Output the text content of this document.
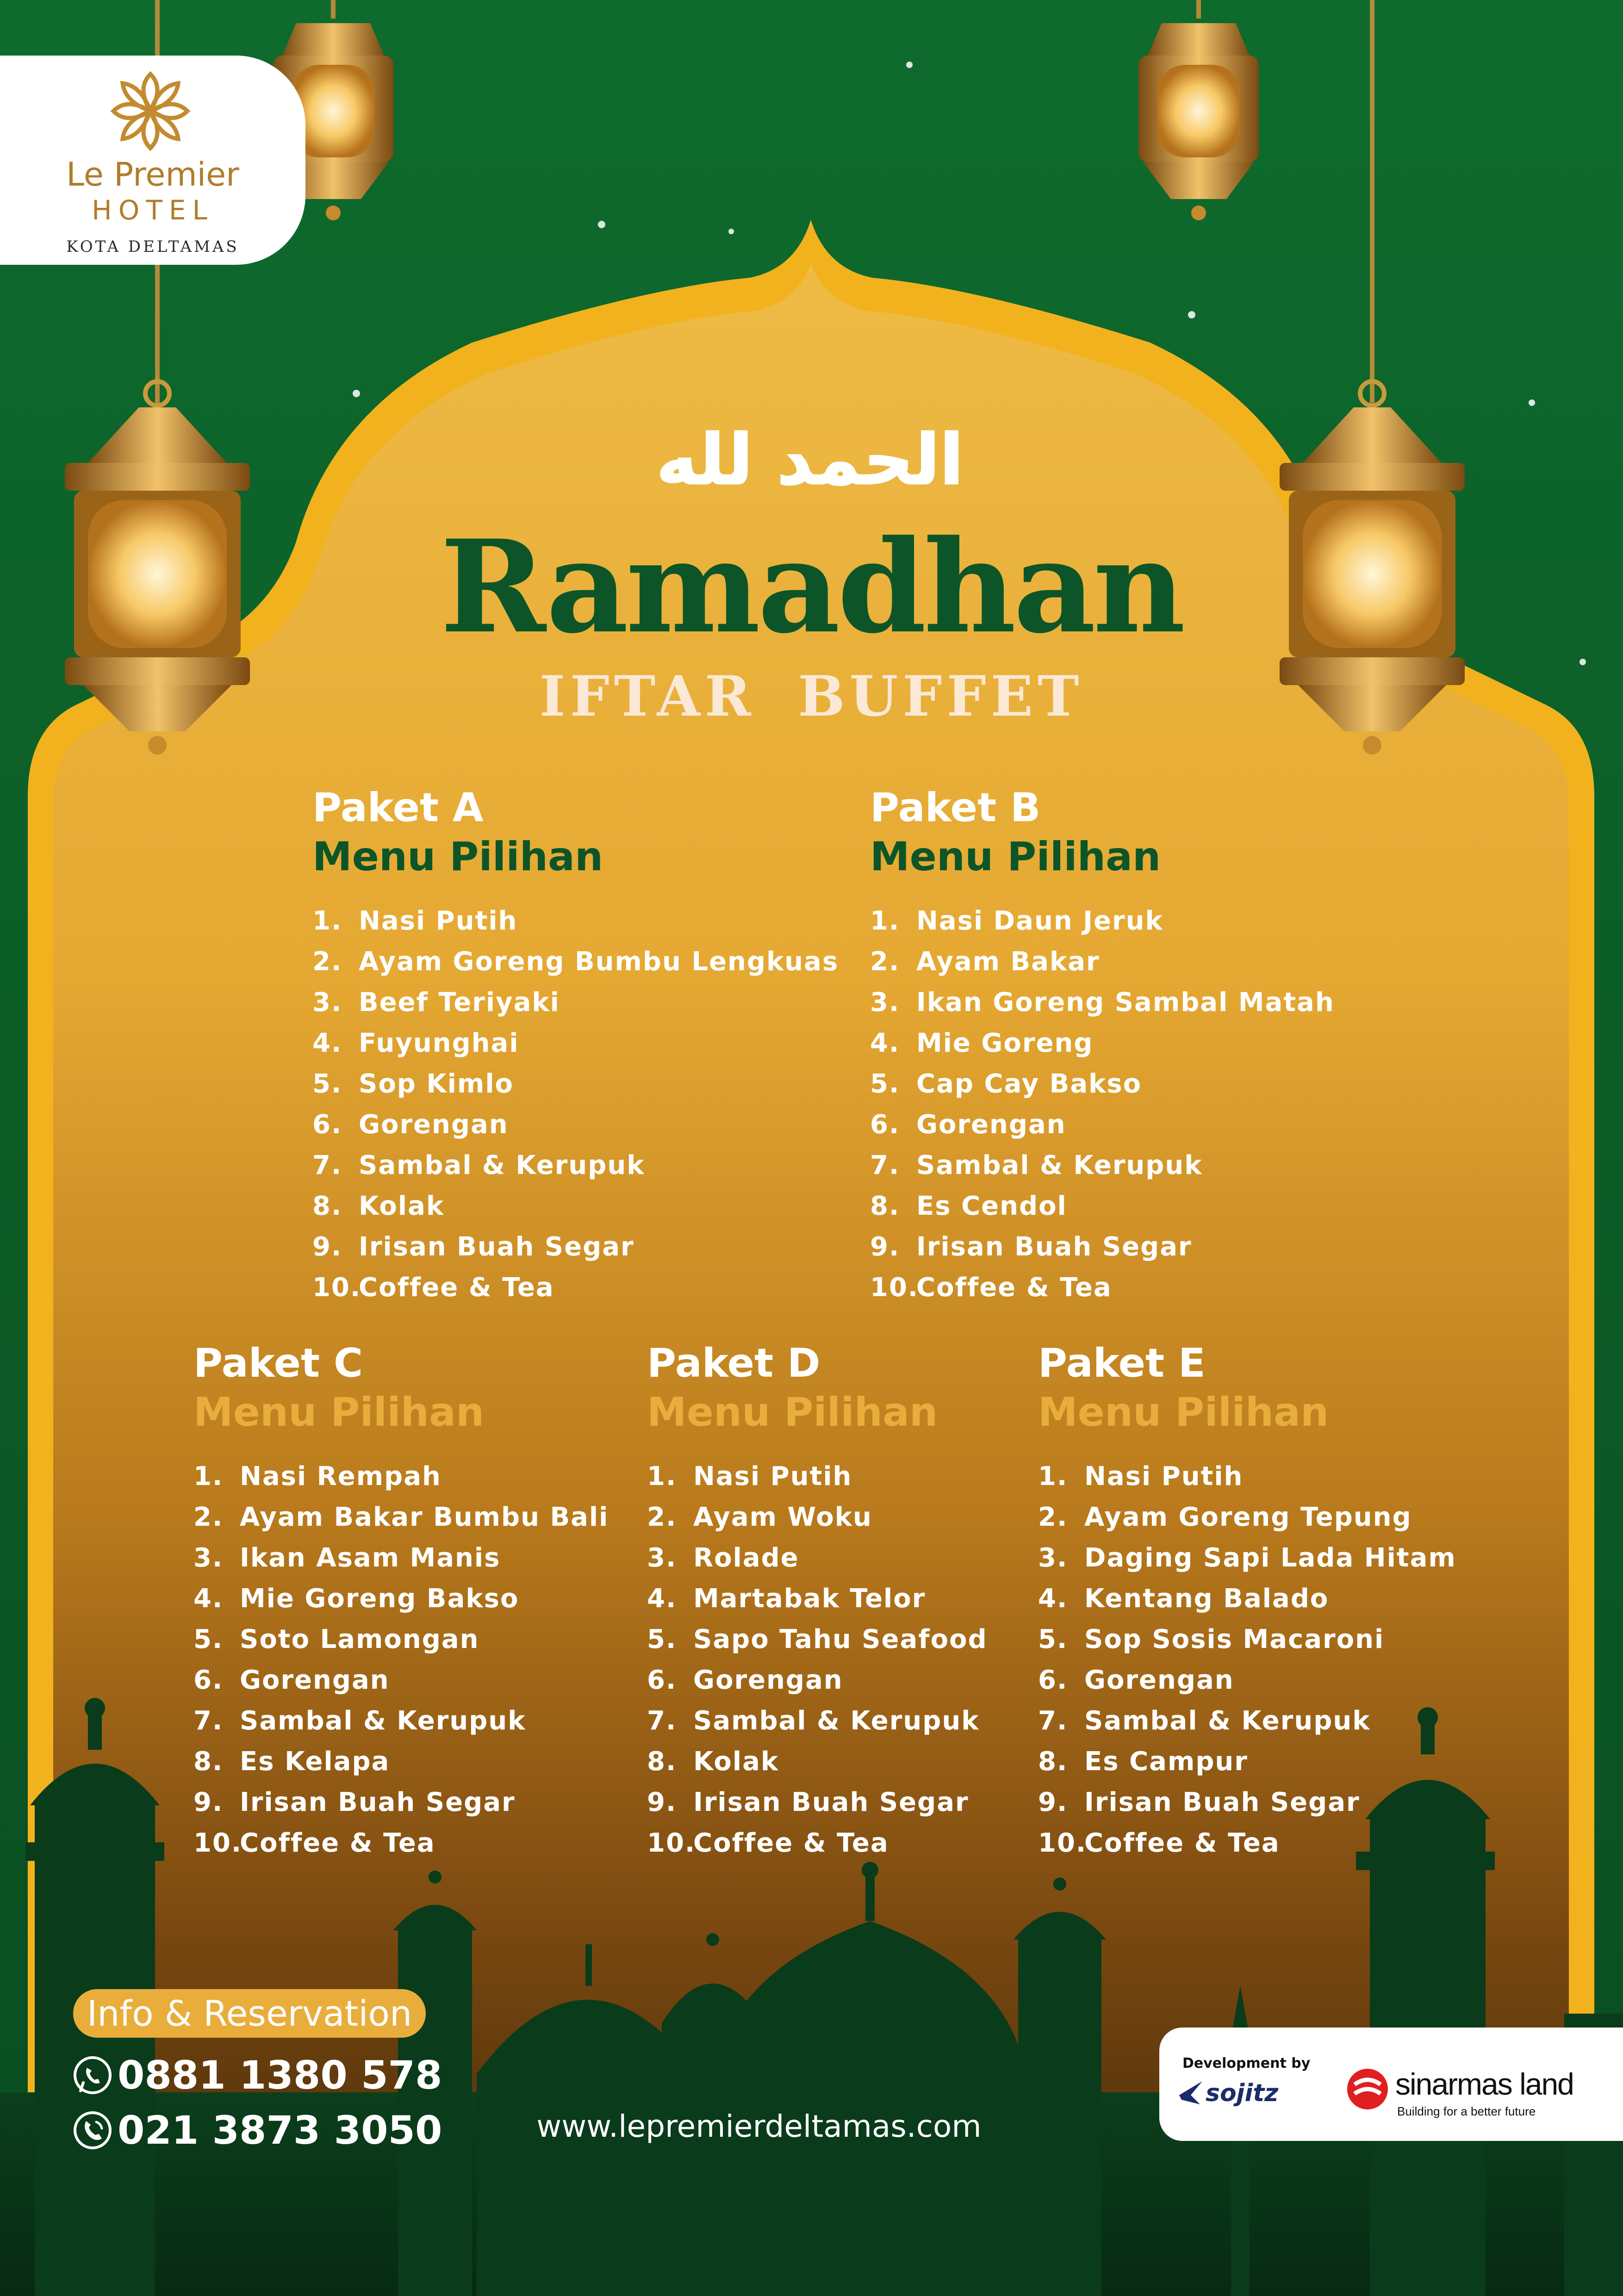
Le Premier
HOTEL
KOTA DELTAMAS
الحمد لله
Ramadhan
IFTAR BUFFET
Paket A
Menu Pilihan
1. Nasi Putih
2. Ayam Goreng Bumbu Lengkuas
3. Beef Teriyaki
4. Fuyunghai
5. Sop Kimlo
6. Gorengan
7. Sambal & Kerupuk
8. Kolak
9. Irisan Buah Segar
10.
Coffee & Tea
Paket B
Menu Pilihan
1. Nasi Daun Jeruk
2. Ayam Bakar
3. Ikan Goreng Sambal Matah
4. Mie Goreng
5. Cap Cay Bakso
6. Gorengan
7. Sambal & Kerupuk
8. Es Cendol
9. Irisan Buah Segar
10.
Coffee & Tea
Paket C
Menu Pilihan
1. Nasi Rempah
2. Ayam Bakar Bumbu Bali
3. Ikan Asam Manis
4. Mie Goreng Bakso
5. Soto Lamongan
6. Gorengan
7. Sambal & Kerupuk
8. Es Kelapa
9. Irisan Buah Segar
10.
Coffee & Tea
Paket D
Menu Pilihan
1. Nasi Putih
2. Ayam Woku
3. Rolade
4. Martabak Telor
5. Sapo Tahu Seafood
6. Gorengan
7. Sambal & Kerupuk
8. Kolak
9. Irisan Buah Segar
10.
Coffee & Tea
Paket E
Menu Pilihan
1. Nasi Putih
2. Ayam Goreng Tepung
3. Daging Sapi Lada Hitam
4. Kentang Balado
5. Sop Sosis Macaroni
6. Gorengan
7. Sambal & Kerupuk
8. Es Campur
9. Irisan Buah Segar
10.
Coffee & Tea
Info & Reservation
0881 1380 578
021 3873 3050	www.lepremierdeltamas.com
Development by
sojitz	sinarmas land
Building for a better future
